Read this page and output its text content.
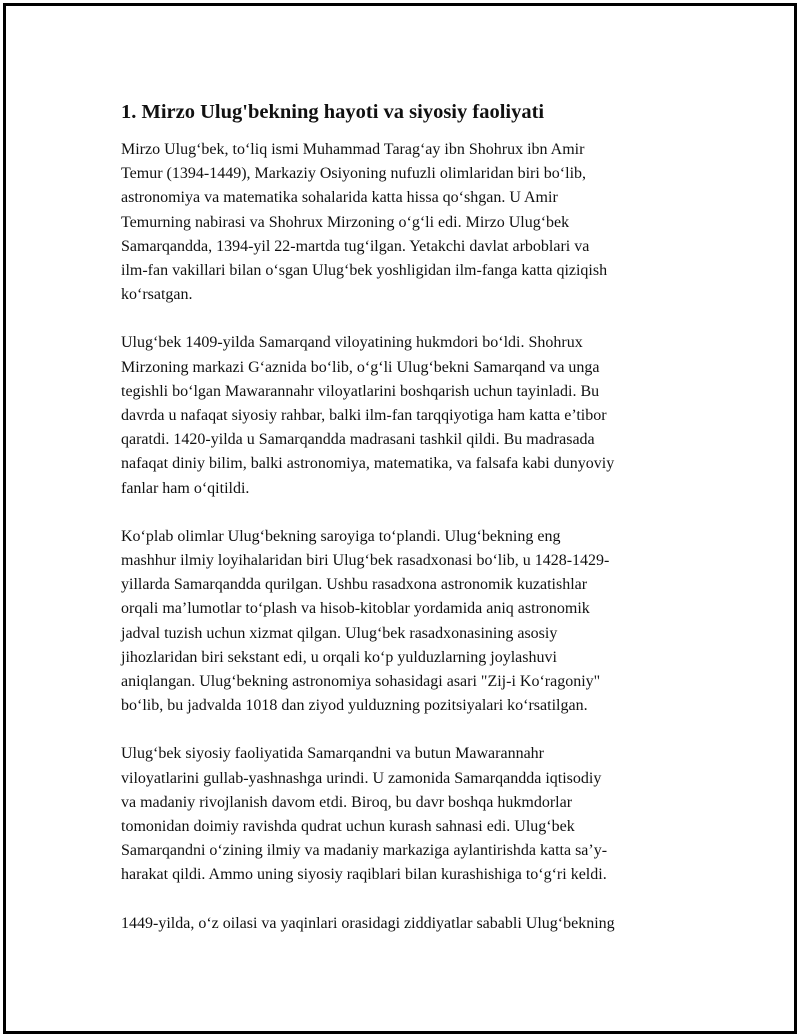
1. Mirzo Ulug'bekning hayoti va siyosiy faoliyati

Mirzo Ulug‘bek, to‘liq ismi Muhammad Tarag‘ay ibn Shohrux ibn Amir
Temur (1394-1449), Markaziy Osiyoning nufuzli olimlaridan biri bo‘lib,
astronomiya va matematika sohalarida katta hissa qo‘shgan. U Amir
Temurning nabirasi va Shohrux Mirzoning o‘g‘li edi. Mirzo Ulug‘bek
Samarqandda, 1394-yil 22-martda tug‘ilgan. Yetakchi davlat arboblari va
ilm-fan vakillari bilan o‘sgan Ulug‘bek yoshligidan ilm-fanga katta qiziqish
ko‘rsatgan.

Ulug‘bek 1409-yilda Samarqand viloyatining hukmdori bo‘ldi. Shohrux
Mirzoning markazi G‘aznida bo‘lib, o‘g‘li Ulug‘bekni Samarqand va unga
tegishli bo‘lgan Mawarannahr viloyatlarini boshqarish uchun tayinladi. Bu
davrda u nafaqat siyosiy rahbar, balki ilm-fan tarqqiyotiga ham katta e’tibor
qaratdi. 1420-yilda u Samarqandda madrasani tashkil qildi. Bu madrasada
nafaqat diniy bilim, balki astronomiya, matematika, va falsafa kabi dunyoviy
fanlar ham o‘qitildi.

Ko‘plab olimlar Ulug‘bekning saroyiga to‘plandi. Ulug‘bekning eng
mashhur ilmiy loyihalaridan biri Ulug‘bek rasadxonasi bo‘lib, u 1428-1429-
yillarda Samarqandda qurilgan. Ushbu rasadxona astronomik kuzatishlar
orqali ma’lumotlar to‘plash va hisob-kitoblar yordamida aniq astronomik
jadval tuzish uchun xizmat qilgan. Ulug‘bek rasadxonasining asosiy
jihozlaridan biri sekstant edi, u orqali ko‘p yulduzlarning joylashuvi
aniqlangan. Ulug‘bekning astronomiya sohasidagi asari "Zij-i Ko‘ragoniy"
bo‘lib, bu jadvalda 1018 dan ziyod yulduzning pozitsiyalari ko‘rsatilgan.

Ulug‘bek siyosiy faoliyatida Samarqandni va butun Mawarannahr
viloyatlarini gullab-yashnashga urindi. U zamonida Samarqandda iqtisodiy
va madaniy rivojlanish davom etdi. Biroq, bu davr boshqa hukmdorlar
tomonidan doimiy ravishda qudrat uchun kurash sahnasi edi. Ulug‘bek
Samarqandni o‘zining ilmiy va madaniy markaziga aylantirishda katta sa’y-
harakat qildi. Ammo uning siyosiy raqiblari bilan kurashishiga to‘g‘ri keldi.

1449-yilda, o‘z oilasi va yaqinlari orasidagi ziddiyatlar sababli Ulug‘bekning
